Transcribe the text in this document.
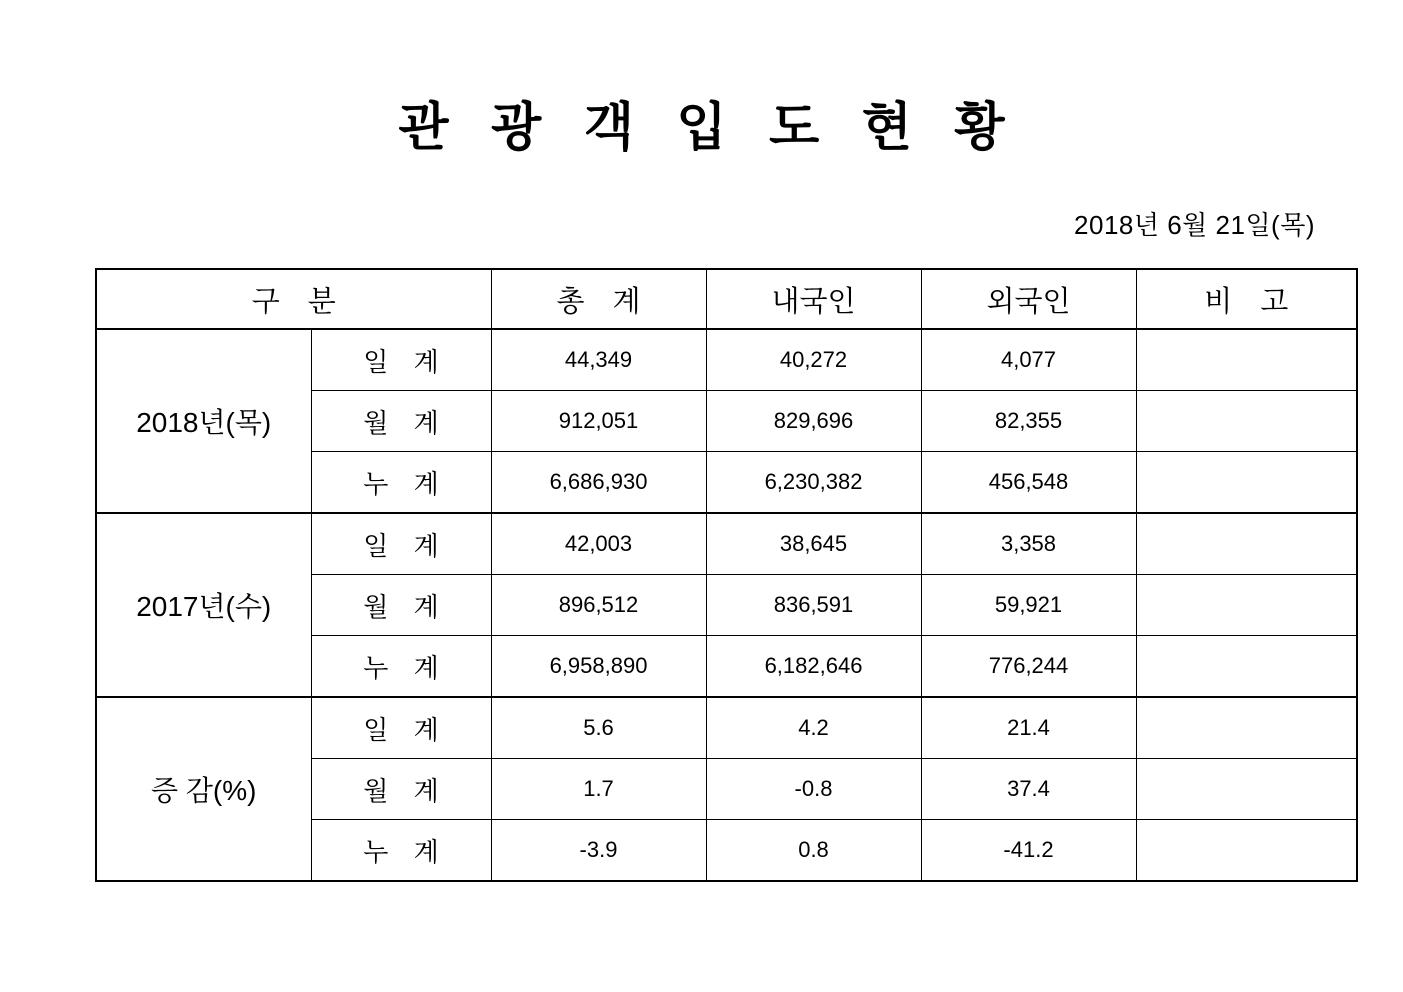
관 광 객 입 도 현 황
2018년 6월 21일(목)
구 분		총 계	내국인	외국인	비 고
2018년(목)	일 계	44,349	40,272	4,077	
	월 계	912,051	829,696	82,355	
	누 계	6,686,930	6,230,382	456,548	
2017년(수)	일 계	42,003	38,645	3,358	
	월 계	896,512	836,591	59,921	
	누 계	6,958,890	6,182,646	776,244	
증 감(%)	일 계	5.6	4.2	21.4	
	월 계	1.7	-0.8	37.4	
	누 계	-3.9	0.8	-41.2	
